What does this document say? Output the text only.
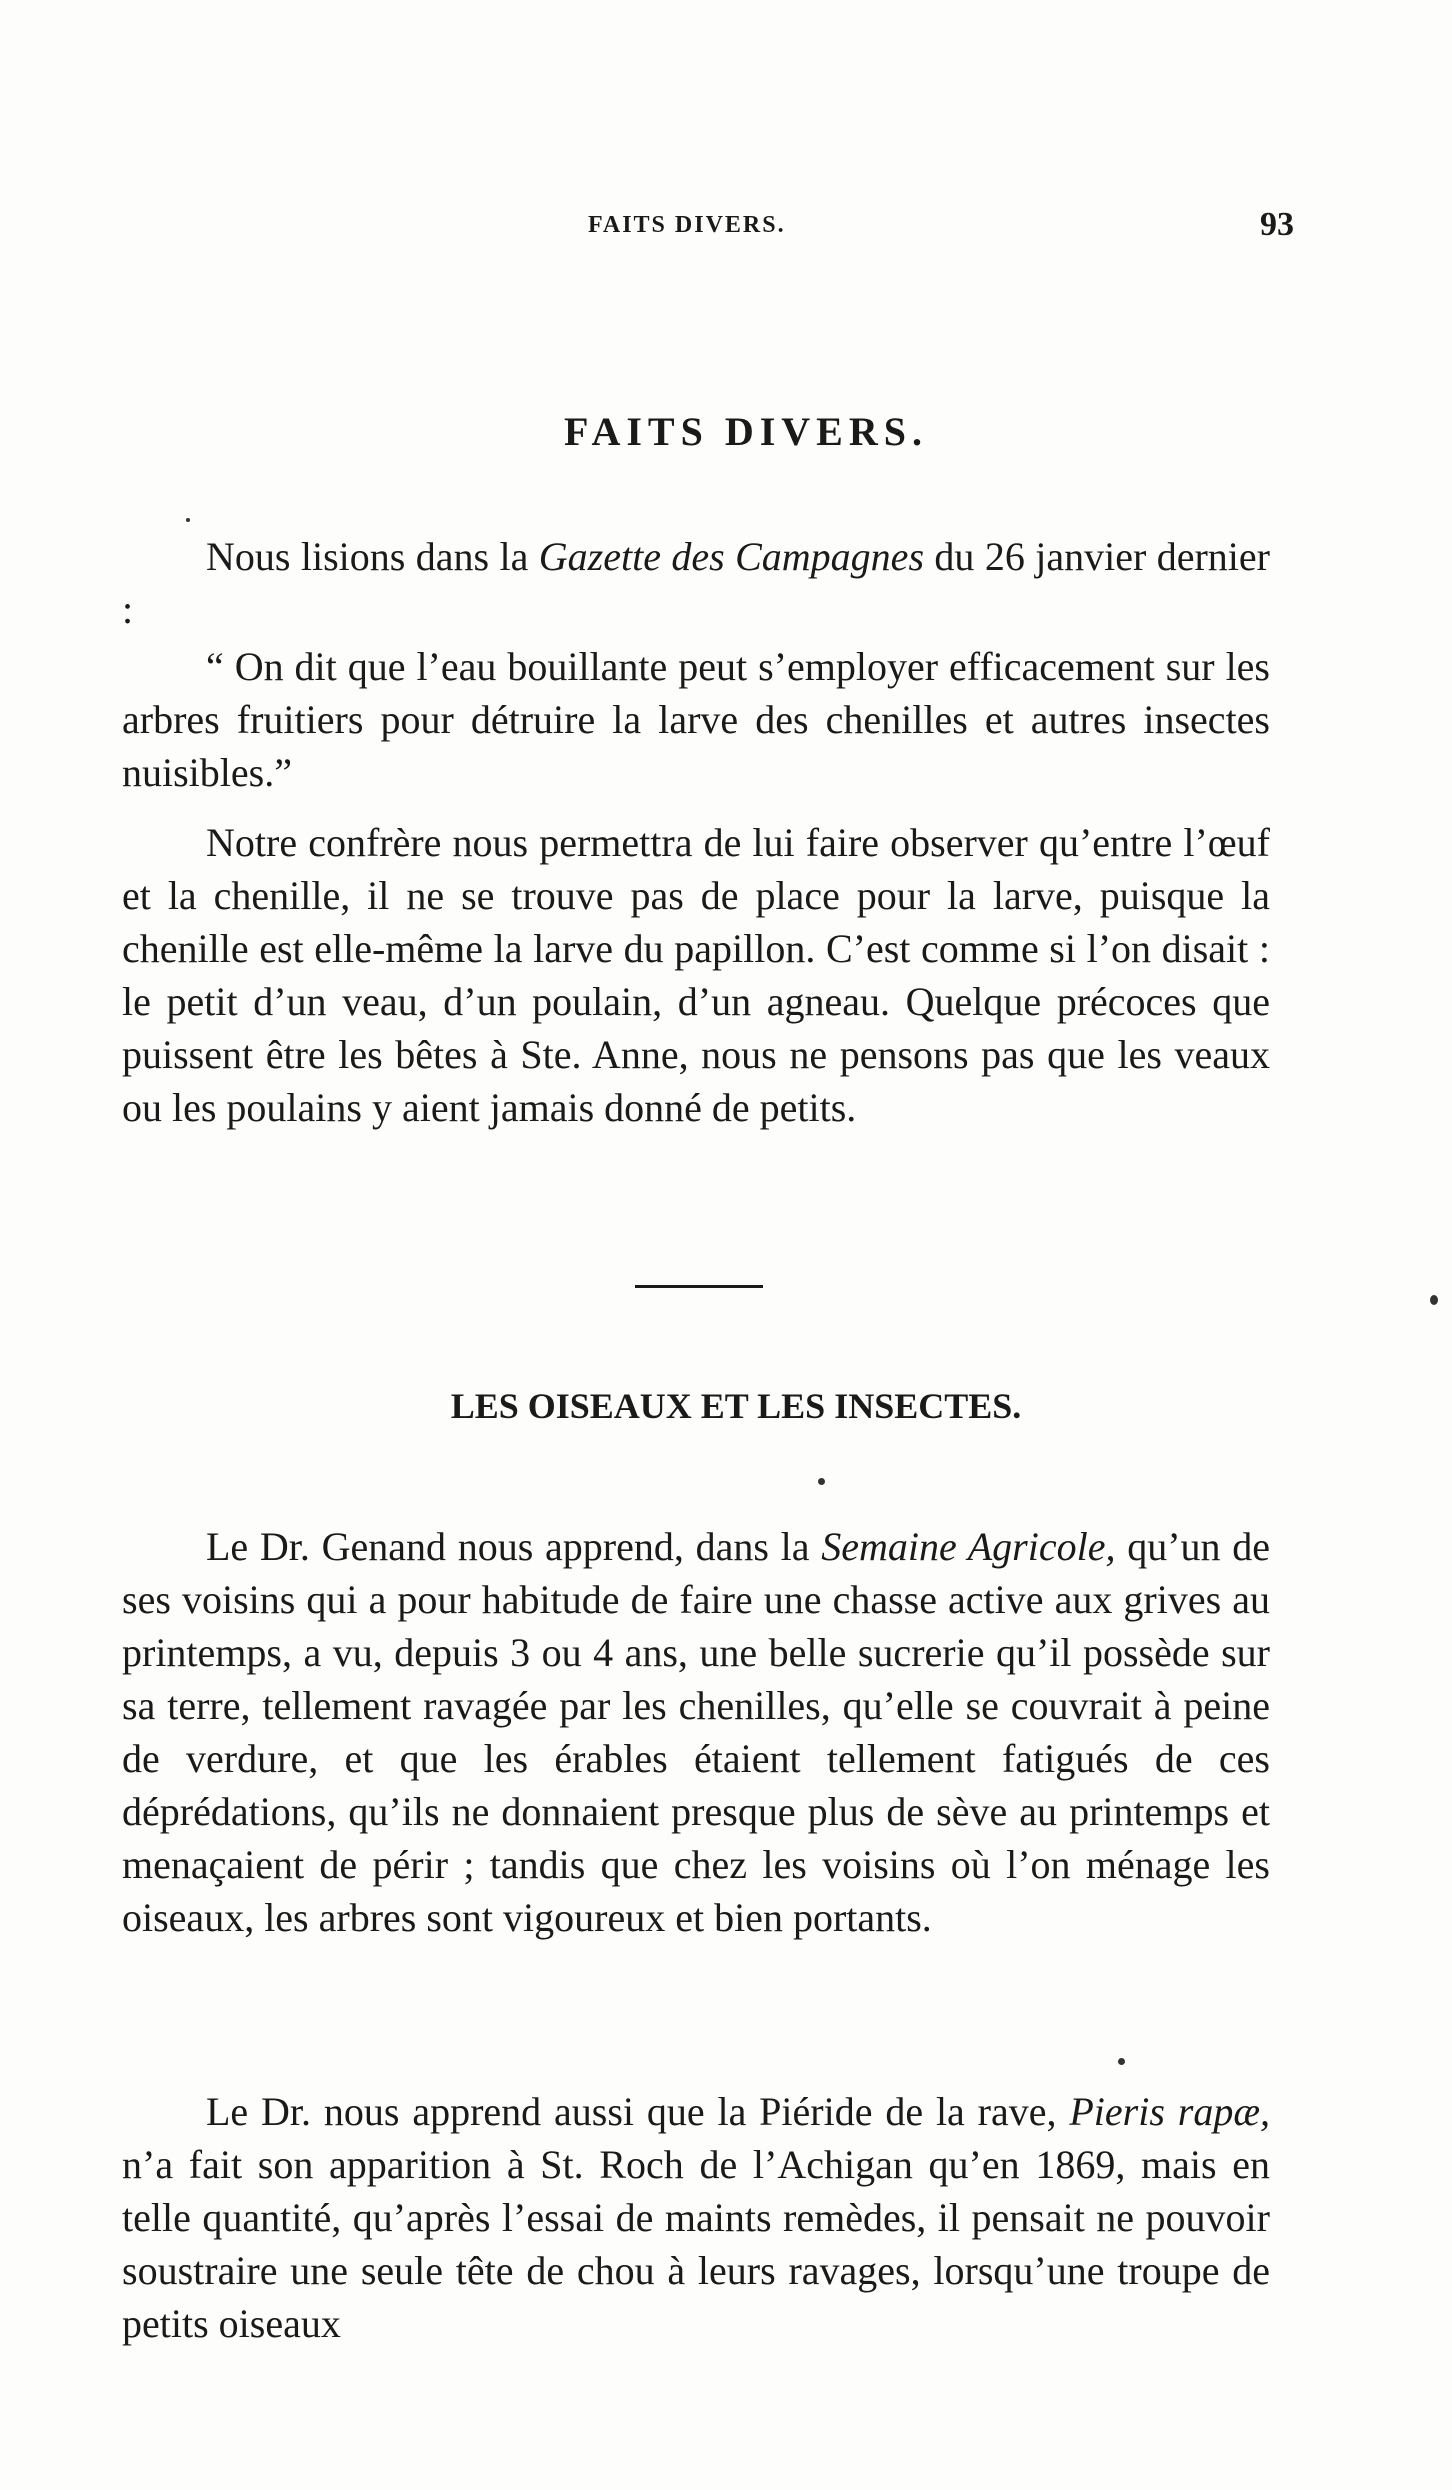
FAITS DIVERS.	93
FAITS DIVERS.

Nous lisions dans la Gazette des Campagnes du 26 janvier dernier :

“ On dit que l’eau bouillante peut s’employer efficacement sur les arbres fruitiers pour détruire la larve des chenilles et autres insectes nuisibles.”

Notre confrère nous permettra de lui faire observer qu’entre l’œuf et la chenille, il ne se trouve pas de place pour la larve, puisque la chenille est elle-même la larve du papillon. C’est comme si l’on disait : le petit d’un veau, d’un poulain, d’un agneau. Quelque précoces que puissent être les bêtes à Ste. Anne, nous ne pensons pas que les veaux ou les poulains y aient jamais donné de petits.

LES OISEAUX ET LES INSECTES.

Le Dr. Genand nous apprend, dans la Semaine Agricole, qu’un de ses voisins qui a pour habitude de faire une chasse active aux grives au printemps, a vu, depuis 3 ou 4 ans, une belle sucrerie qu’il possède sur sa terre, tellement ravagée par les chenilles, qu’elle se couvrait à peine de verdure, et que les érables étaient tellement fatigués de ces déprédations, qu’ils ne donnaient presque plus de sève au printemps et menaçaient de périr ; tandis que chez les voisins où l’on ménage les oiseaux, les arbres sont vigoureux et bien portants.

Le Dr. nous apprend aussi que la Piéride de la rave, Pieris rapæ, n’a fait son apparition à St. Roch de l’Achigan qu’en 1869, mais en telle quantité, qu’après l’essai de maints remèdes, il pensait ne pouvoir soustraire une seule tête de chou à leurs ravages, lorsqu’une troupe de petits oiseaux
